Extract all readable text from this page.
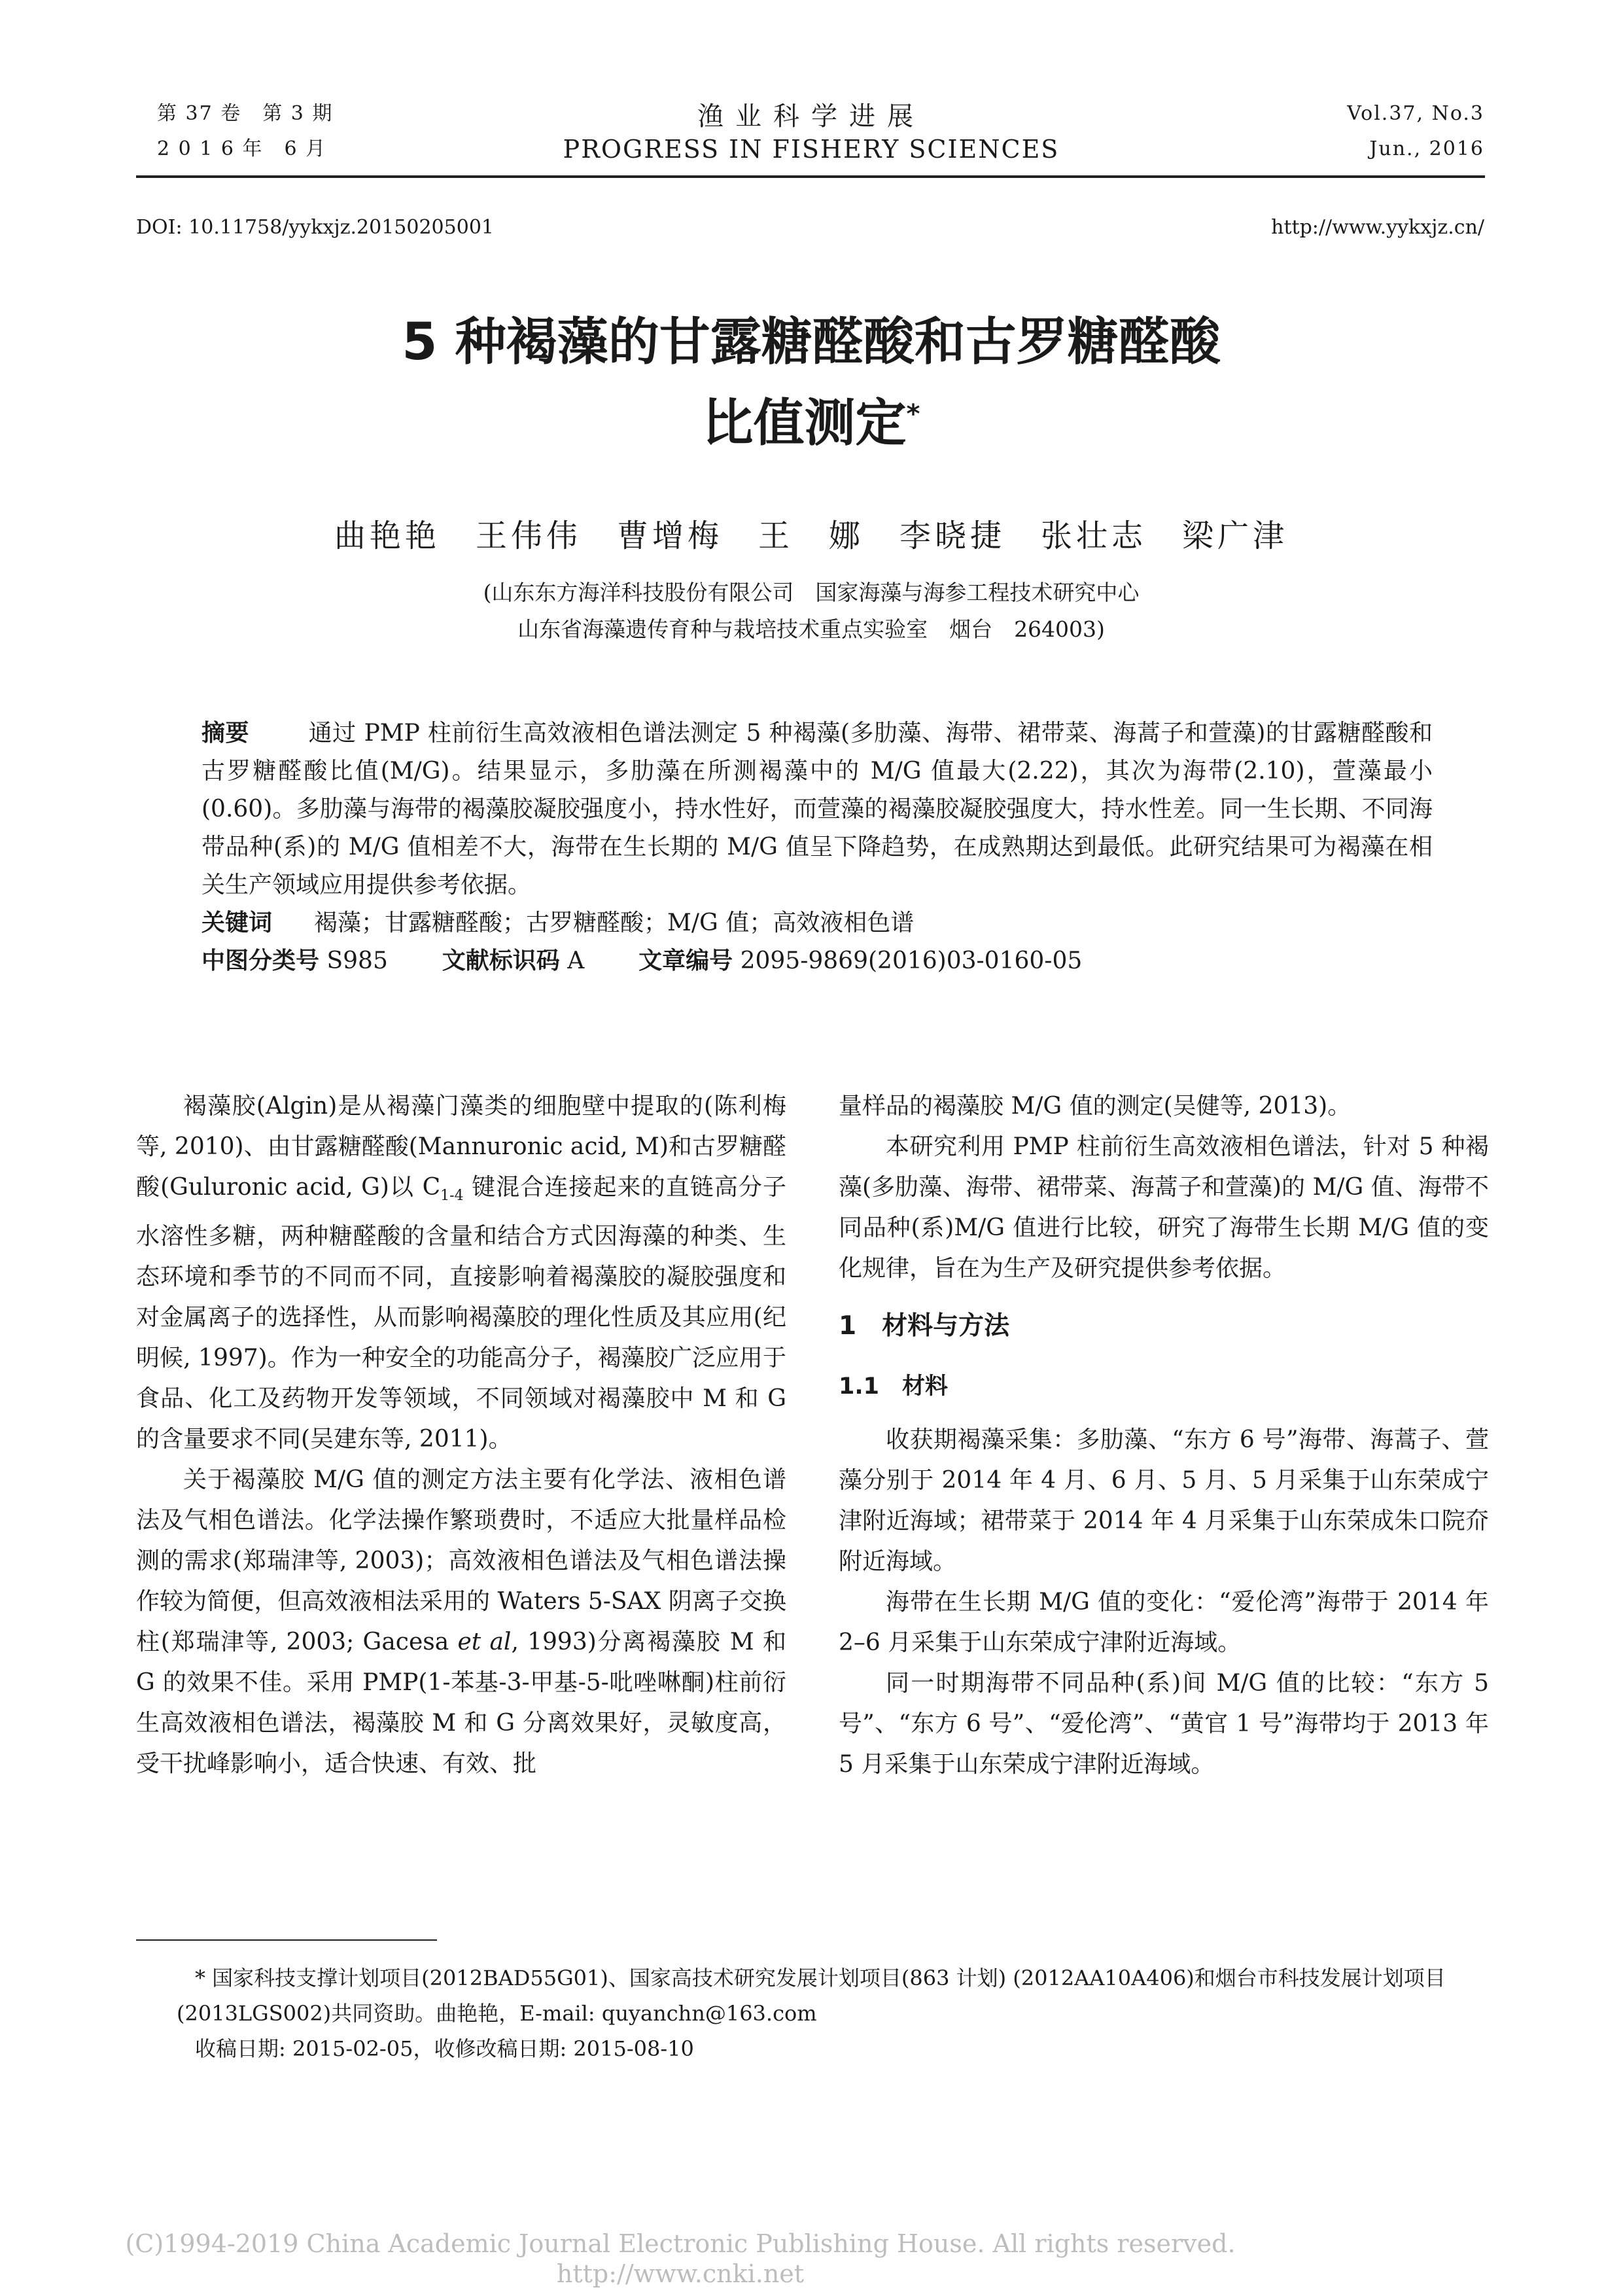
第 37 卷　第 3 期
2 0 1 6 年　6 月
渔业科学进展
PROGRESS IN FISHERY SCIENCES
Vol.37, No.3
Jun., 2016
DOI: 10.11758/yykxjz.20150205001	http://www.yykxjz.cn/
5 种褐藻的甘露糖醛酸和古罗糖醛酸
比值测定*
曲艳艳　王伟伟　曹增梅　王　娜　李晓捷　张壮志　梁广津
(山东东方海洋科技股份有限公司　国家海藻与海参工程技术研究中心
山东省海藻遗传育种与栽培技术重点实验室　烟台　264003)
摘要	通过 PMP 柱前衍生高效液相色谱法测定 5 种褐藻(多肋藻、海带、裙带菜、海蒿子和萱藻)的甘露糖醛酸和古罗糖醛酸比值(M/G)。结果显示，多肋藻在所测褐藻中的 M/G 值最大(2.22)，其次为海带(2.10)，萱藻最小(0.60)。多肋藻与海带的褐藻胶凝胶强度小，持水性好，而萱藻的褐藻胶凝胶强度大，持水性差。同一生长期、不同海带品种(系)的 M/G 值相差不大，海带在生长期的 M/G 值呈下降趋势，在成熟期达到最低。此研究结果可为褐藻在相关生产领域应用提供参考依据。
关键词 褐藻；甘露糖醛酸；古罗糖醛酸；M/G 值；高效液相色谱
中图分类号 S985 文献标识码 A 文章编号 2095-9869(2016)03-0160-05

褐藻胶(Algin)是从褐藻门藻类的细胞壁中提取的(陈利梅等, 2010)、由甘露糖醛酸(Mannuronic acid, M)和古罗糖醛酸(Guluronic acid, G)以 $C_{1-4}$ 键混合连接起来的直链高分子水溶性多糖，两种糖醛酸的含量和结合方式因海藻的种类、生态环境和季节的不同而不同，直接影响着褐藻胶的凝胶强度和对金属离子的选择性，从而影响褐藻胶的理化性质及其应用(纪明候, 1997)。作为一种安全的功能高分子，褐藻胶广泛应用于食品、化工及药物开发等领域，不同领域对褐藻胶中 M 和 G 的含量要求不同(吴建东等, 2011)。

关于褐藻胶 M/G 值的测定方法主要有化学法、液相色谱法及气相色谱法。化学法操作繁琐费时，不适应大批量样品检测的需求(郑瑞津等, 2003)；高效液相色谱法及气相色谱法操作较为简便，但高效液相法采用的 Waters 5-SAX 阴离子交换柱(郑瑞津等, 2003; Gacesa et al, 1993)分离褐藻胶 M 和 G 的效果不佳。采用 PMP(1-苯基-3-甲基-5-吡唑啉酮)柱前衍生高效液相色谱法，褐藻胶 M 和 G 分离效果好，灵敏度高，受干扰峰影响小，适合快速、有效、批

量样品的褐藻胶 M/G 值的测定(吴健等, 2013)。

本研究利用 PMP 柱前衍生高效液相色谱法，针对 5 种褐藻(多肋藻、海带、裙带菜、海蒿子和萱藻)的 M/G 值、海带不同品种(系)M/G 值进行比较，研究了海带生长期 M/G 值的变化规律，旨在为生产及研究提供参考依据。

1　材料与方法

1.1　材料

收获期褐藻采集：多肋藻、“东方 6 号”海带、海蒿子、萱藻分别于 2014 年 4 月、6 月、5 月、5 月采集于山东荣成宁津附近海域；裙带菜于 2014 年 4 月采集于山东荣成朱口院夼附近海域。

海带在生长期 M/G 值的变化：“爱伦湾”海带于 2014 年 2–6 月采集于山东荣成宁津附近海域。

同一时期海带不同品种(系)间 M/G 值的比较：“东方 5 号”、“东方 6 号”、“爱伦湾”、“黄官 1 号”海带均于 2013 年 5 月采集于山东荣成宁津附近海域。

* 国家科技支撑计划项目(2012BAD55G01)、国家高技术研究发展计划项目(863 计划) (2012AA10A406)和烟台市科技发展计划项目(2013LGS002)共同资助。曲艳艳，E-mail: quyanchn@163.com
收稿日期: 2015-02-05，收修改稿日期: 2015-08-10
(C)1994-2019 China Academic Journal Electronic Publishing House. All rights reserved.　 http://www.cnki.net
